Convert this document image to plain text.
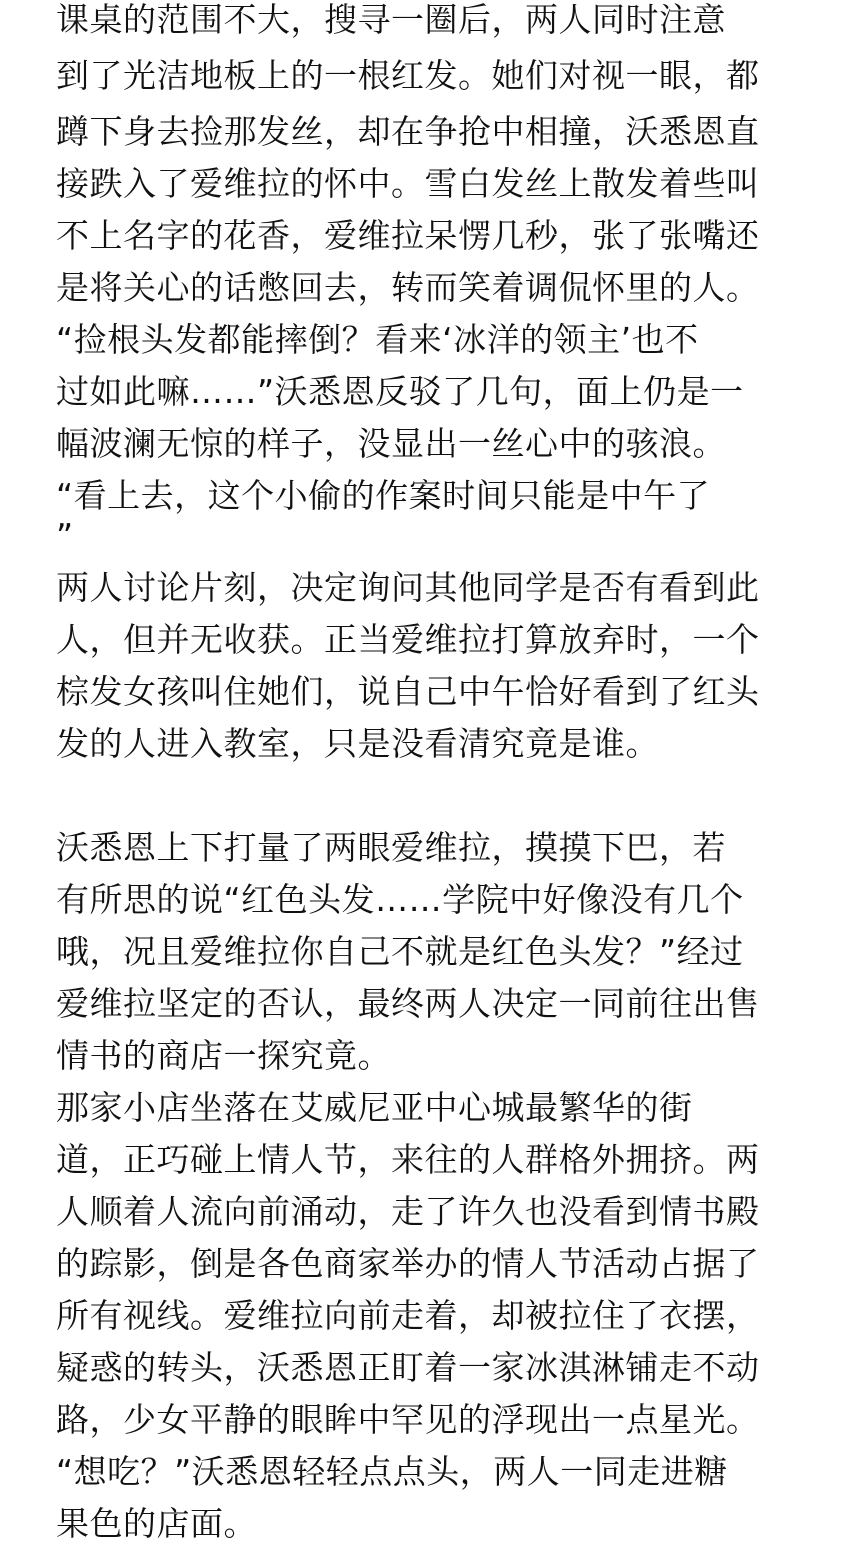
课桌的范围不大，搜寻一圈后，两人同时注意
到了光洁地板上的一根红发。她们对视一眼，都
蹲下身去捡那发丝，却在争抢中相撞，沃悉恩直
接跌入了爱维拉的怀中。雪白发丝上散发着些叫
不上名字的花香，爱维拉呆愣几秒，张了张嘴还
是将关心的话憋回去，转而笑着调侃怀里的人。
“捡根头发都能摔倒？看来‘冰洋的领主’也不
过如此嘛……”沃悉恩反驳了几句，面上仍是一
幅波澜无惊的样子，没显出一丝心中的骇浪。
“看上去，这个小偷的作案时间只能是中午了
”
两人讨论片刻，决定询问其他同学是否有看到此
人，但并无收获。正当爱维拉打算放弃时，一个
棕发女孩叫住她们，说自己中午恰好看到了红头
发的人进入教室，只是没看清究竟是谁。
沃悉恩上下打量了两眼爱维拉，摸摸下巴，若
有所思的说“红色头发……学院中好像没有几个
哦，况且爱维拉你自己不就是红色头发？”经过
爱维拉坚定的否认，最终两人决定一同前往出售
情书的商店一探究竟。
那家小店坐落在艾威尼亚中心城最繁华的街
道，正巧碰上情人节，来往的人群格外拥挤。两
人顺着人流向前涌动，走了许久也没看到情书殿
的踪影，倒是各色商家举办的情人节活动占据了
所有视线。爱维拉向前走着，却被拉住了衣摆，
疑惑的转头，沃悉恩正盯着一家冰淇淋铺走不动
路，少女平静的眼眸中罕见的浮现出一点星光。
“想吃？”沃悉恩轻轻点点头，两人一同走进糖
果色的店面。
